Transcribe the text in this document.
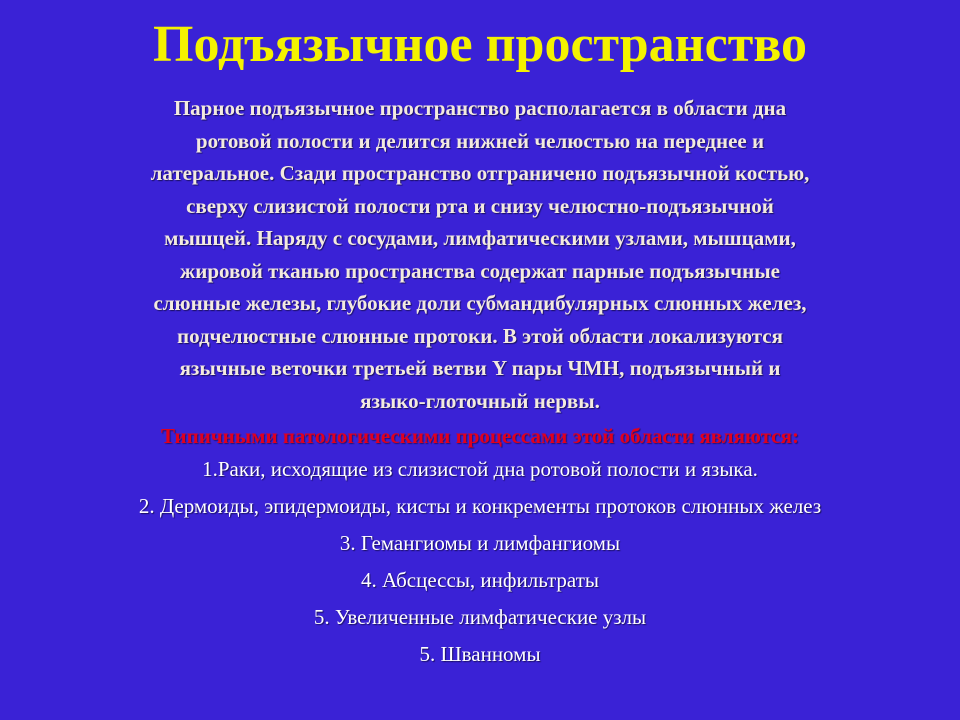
Подъязычное пространство
Парное подъязычное пространство располагается в области дна
ротовой полости и делится нижней челюстью на переднее и
латеральное. Сзади пространство отграничено подъязычной костью,
сверху слизистой полости рта и снизу челюстно-подъязычной
мышцей. Наряду с сосудами, лимфатическими узлами, мышцами,
жировой тканью пространства содержат парные подъязычные
слюнные железы, глубокие доли субмандибулярных слюнных желез,
подчелюстные слюнные протоки. В этой области локализуются
язычные веточки третьей ветви Y пары ЧМН, подъязычный и
языко-глоточный нервы.
Типичными патологическими процессами этой области являются:
1.Раки, исходящие из слизистой дна ротовой полости и языка.
2. Дермоиды, эпидермоиды, кисты и конкременты протоков слюнных желез
3. Гемангиомы и лимфангиомы
4. Абсцессы, инфильтраты
5. Увеличенные лимфатические узлы
5. Шванномы
